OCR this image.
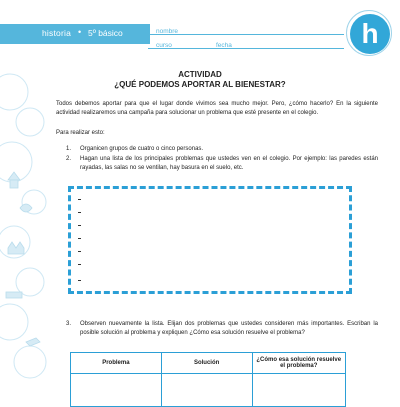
historia • 5º básico	nombre
curso	fecha	h
ACTIVIDAD
¿QUÉ PODEMOS APORTAR AL BIENESTAR?
Todos debemos aportar para que el lugar donde vivimos sea mucho mejor. Pero, ¿cómo hacerlo? En la siguiente actividad realizaremos una campaña para solucionar un problema que esté presente en el colegio.
Para realizar esto:
1.	Organicen grupos de cuatro o cinco personas.
2.	Hagan una lista de los principales problemas que ustedes ven en el colegio. Por ejemplo: las paredes están rayadas, las salas no se ventilan, hay basura en el suelo, etc.
3.	Observen nuevamente la lista. Elijan dos problemas que ustedes consideren más importantes. Escriban la posible solución al problema y expliquen ¿Cómo esa solución resuelve el problema?
Problema	Solución	¿Cómo esa solución resuelve el problema?
